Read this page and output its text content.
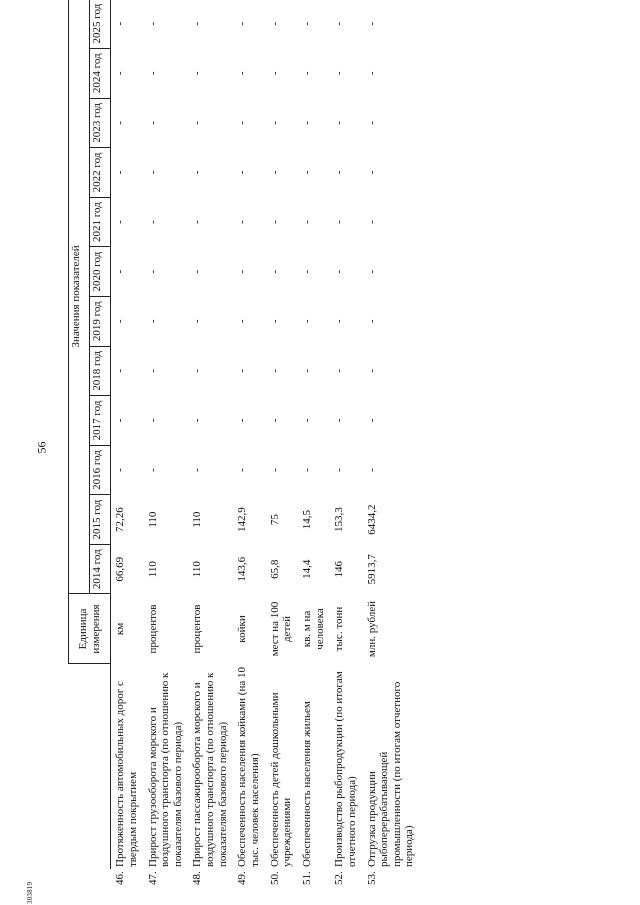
56
303819
		Единица измерения	Значения показателей											
			2014 год	2015 год	2016 год	2017 год	2018 год	2019 год	2020 год	2021 год	2022 год	2023 год	2024 год	2025 год
46.	Протяженность автомобильных дорог с твердым покрытием	км	66,69	72,26	-	-	-	-	-	-	-	-	-	-
47.	Прирост грузооборота морского и воздушного транспорта (по отношению к показателям базового периода)	процентов	110	110	-	-	-	-	-	-	-	-	-	-
48.	Прирост пассажирооборота морского и воздушного транспорта (по отношению к показателям базового периода)	процентов	110	110	-	-	-	-	-	-	-	-	-	-
49.	Обеспеченность населения койками (на 10 тыс. человек населения)	койки	143,6	142,9	-	-	-	-	-	-	-	-	-	-
50.	Обеспеченность детей дошкольными учреждениями	мест на 100 детей	65,8	75	-	-	-	-	-	-	-	-	-	-
51.	Обеспеченность населения жильем	кв. м на человека	14,4	14,5	-	-	-	-	-	-	-	-	-	-
52.	Производство рыбопродукции (по итогам отчетного периода)	тыс. тонн	146	153,3	-	-	-	-	-	-	-	-	-	-
53.	Отгрузка продукции рыбоперерабатывающей промышленности (по итогам отчетного периода)	млн. рублей	5913,7	6434,2	-	-	-	-	-	-	-	-	-	-
